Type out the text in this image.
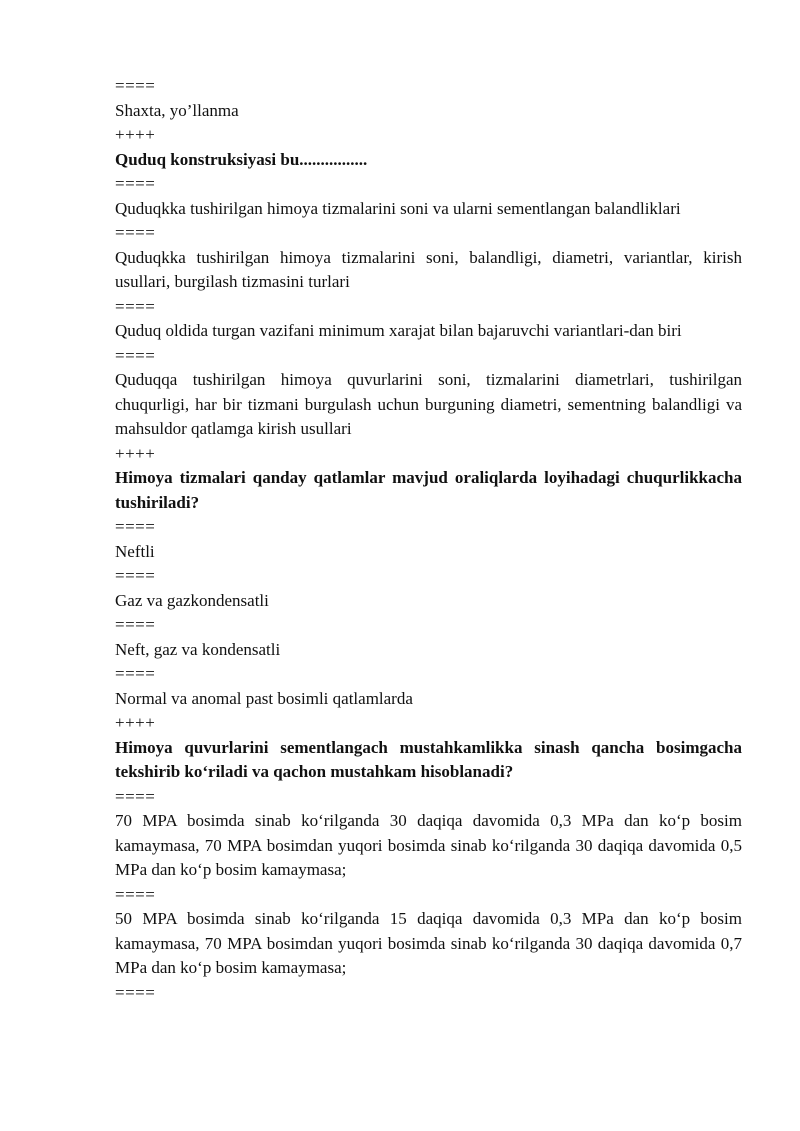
====

Shaxta, yo’llanma

++++

Quduq konstruksiyasi bu................

====

Quduqkka tushirilgan himoya tizmalarini soni va ularni sementlangan balandliklari

====

Quduqkka tushirilgan himoya tizmalarini soni, balandligi, diametri, variantlar, kirish usullari, burgilash tizmasini turlari

====

Quduq oldida turgan vazifani minimum xarajat bilan bajaruvchi variantlari-dan biri

====

Quduqqa tushirilgan himoya quvurlarini soni, tizmalarini diametrlari, tushirilgan chuqurligi, har bir tizmani burgulash uchun burguning diametri, sementning balandligi va mahsuldor qatlamga kirish usullari

++++

Himoya tizmalari qanday qatlamlar mavjud oraliqlarda loyihadagi chuqurlikkacha tushiriladi?

====

Neftli

====

Gaz va gazkondensatli

====

Neft, gaz va kondensatli

====

Normal va anomal past bosimli qatlamlarda

++++

Himoya quvurlarini sementlangach mustahkamlikka sinash qancha bosimgacha tekshirib ko‘riladi va qachon mustahkam hisoblanadi?

====

70 MPA bosimda sinab ko‘rilganda 30 daqiqa davomida 0,3 MPa dan ko‘p bosim kamaymasa, 70 MPA bosimdan yuqori bosimda sinab ko‘rilganda 30 daqiqa davomida 0,5 MPa dan ko‘p bosim kamaymasa;

====

50 MPA bosimda sinab ko‘rilganda 15 daqiqa davomida 0,3 MPa dan ko‘p bosim kamaymasa, 70 MPA bosimdan yuqori bosimda sinab ko‘rilganda 30 daqiqa davomida 0,7 MPa dan ko‘p bosim kamaymasa;

====
